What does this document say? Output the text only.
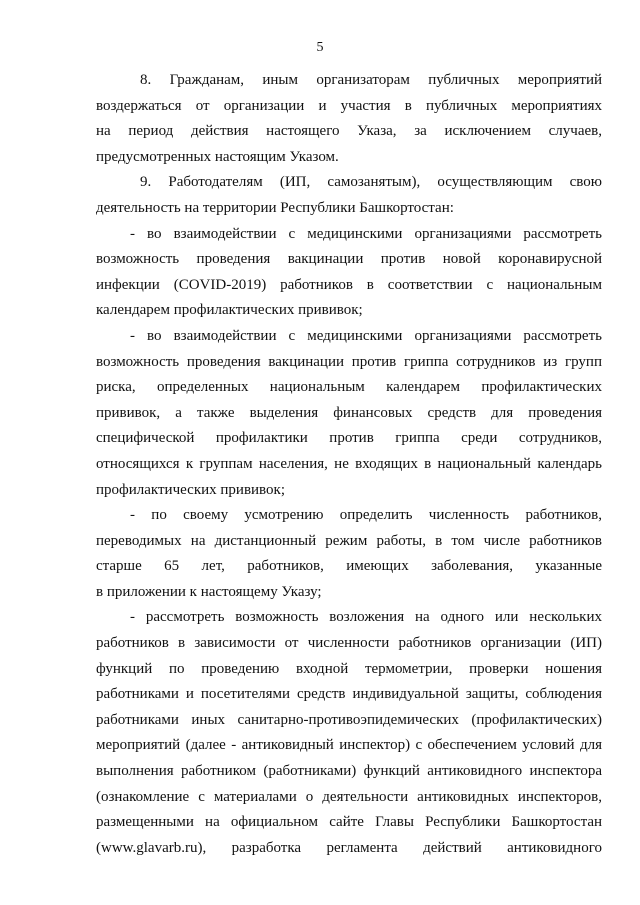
5
8. Гражданам, иным организаторам публичных мероприятий
воздержаться от организации и участия в публичных мероприятиях
на период действия настоящего Указа, за исключением случаев,
предусмотренных настоящим Указом.
9. Работодателям (ИП, самозанятым), осуществляющим свою
деятельность на территории Республики Башкортостан:
- во взаимодействии с медицинскими организациями рассмотреть
возможность проведения вакцинации против новой коронавирусной
инфекции (COVID-2019) работников в соответствии с национальным
календарем профилактических прививок;
- во взаимодействии с медицинскими организациями рассмотреть
возможность проведения вакцинации против гриппа сотрудников из групп
риска, определенных национальным календарем профилактических
прививок, а также выделения финансовых средств для проведения
специфической профилактики против гриппа среди сотрудников,
относящихся к группам населения, не входящих в национальный календарь
профилактических прививок;
- по своему усмотрению определить численность работников,
переводимых на дистанционный режим работы, в том числе работников
старше 65 лет, работников, имеющих заболевания, указанные
в приложении к настоящему Указу;
- рассмотреть возможность возложения на одного или нескольких
работников в зависимости от численности работников организации (ИП)
функций по проведению входной термометрии, проверки ношения
работниками и посетителями средств индивидуальной защиты, соблюдения
работниками иных санитарно-противоэпидемических (профилактических)
мероприятий (далее - антиковидный инспектор) с обеспечением условий для
выполнения работником (работниками) функций антиковидного инспектора
(ознакомление с материалами о деятельности антиковидных инспекторов,
размещенными на официальном сайте Главы Республики Башкортостан
(www.glavarb.ru), разработка регламента действий антиковидного
